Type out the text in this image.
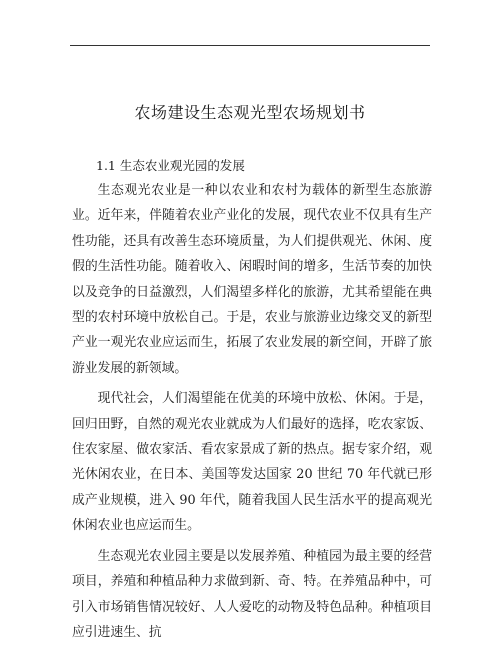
农场建设生态观光型农场规划书
1.1 生态农业观光园的发展

生态观光农业是一种以农业和农村为载体的新型生态旅游业。近年来，伴随着农业产业化的发展，现代农业不仅具有生产性功能，还具有改善生态环境质量，为人们提供观光、休闲、度假的生活性功能。随着收入、闲暇时间的增多，生活节奏的加快以及竞争的日益激烈，人们渴望多样化的旅游，尤其希望能在典型的农村环境中放松自己。于是，农业与旅游业边缘交叉的新型产业一观光农业应运而生，拓展了农业发展的新空间，开辟了旅游业发展的新领域。

现代社会，人们渴望能在优美的环境中放松、休闲。于是，回归田野，自然的观光农业就成为人们最好的选择，吃农家饭、住农家屋、做农家活、看农家景成了新的热点。据专家介绍，观光休闲农业，在日本、美国等发达国家 20 世纪 70 年代就已形成产业规模，进入 90 年代，随着我国人民生活水平的提高观光休闲农业也应运而生。

生态观光农业园主要是以发展养殖、种植园为最主要的经营项目，养殖和种植品种力求做到新、奇、特。在养殖品种中，可引入市场销售情况较好、人人爱吃的动物及特色品种。种植项目应引进速生、抗
